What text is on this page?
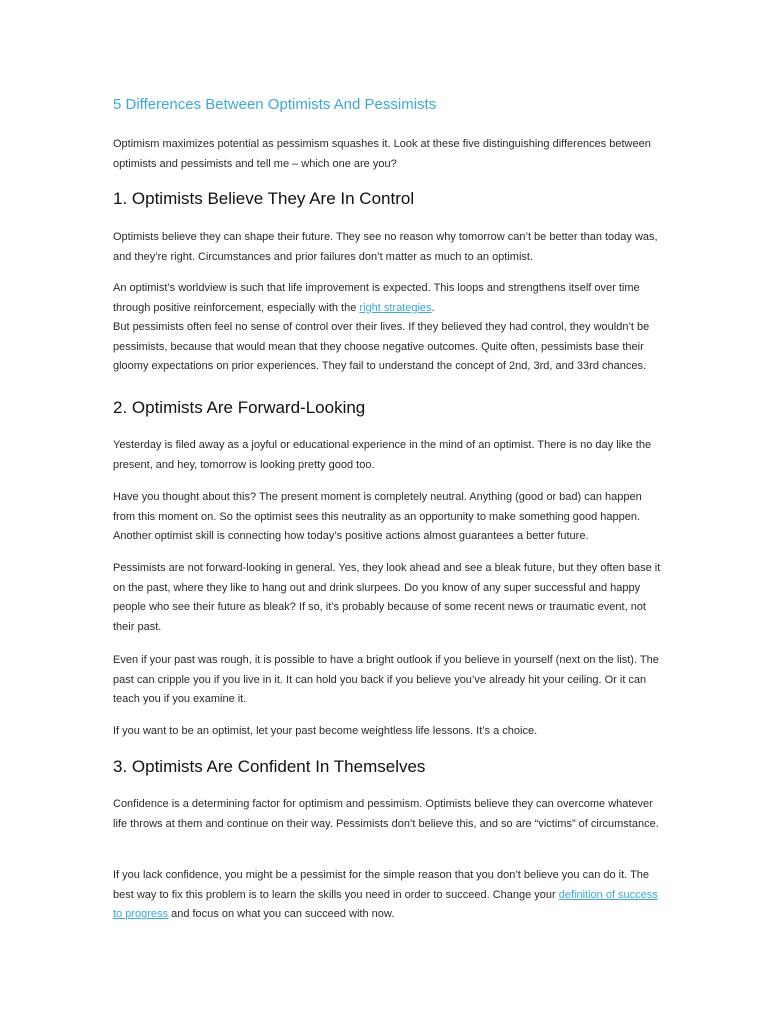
5 Differences Between Optimists And Pessimists

Optimism maximizes potential as pessimism squashes it. Look at these five distinguishing differences between optimists and pessimists and tell me – which one are you?

1. Optimists Believe They Are In Control

Optimists believe they can shape their future. They see no reason why tomorrow can’t be better than today was, and they’re right. Circumstances and prior failures don’t matter as much to an optimist.

An optimist’s worldview is such that life improvement is expected. This loops and strengthens itself over time through positive reinforcement, especially with the right strategies.

But pessimists often feel no sense of control over their lives. If they believed they had control, they wouldn’t be pessimists, because that would mean that they choose negative outcomes. Quite often, pessimists base their gloomy expectations on prior experiences. They fail to understand the concept of 2nd, 3rd, and 33rd chances.

2. Optimists Are Forward-Looking

Yesterday is filed away as a joyful or educational experience in the mind of an optimist. There is no day like the present, and hey, tomorrow is looking pretty good too.

Have you thought about this? The present moment is completely neutral. Anything (good or bad) can happen from this moment on. So the optimist sees this neutrality as an opportunity to make something good happen. Another optimist skill is connecting how today’s positive actions almost guarantees a better future.

Pessimists are not forward-looking in general. Yes, they look ahead and see a bleak future, but they often base it on the past, where they like to hang out and drink slurpees. Do you know of any super successful and happy people who see their future as bleak? If so, it’s probably because of some recent news or traumatic event, not their past.

Even if your past was rough, it is possible to have a bright outlook if you believe in yourself (next on the list). The past can cripple you if you live in it. It can hold you back if you believe you’ve already hit your ceiling. Or it can teach you if you examine it.

If you want to be an optimist, let your past become weightless life lessons. It’s a choice.

3. Optimists Are Confident In Themselves

Confidence is a determining factor for optimism and pessimism. Optimists believe they can overcome whatever life throws at them and continue on their way. Pessimists don’t believe this, and so are “victims” of circumstance.

If you lack confidence, you might be a pessimist for the simple reason that you don’t believe you can do it. The best way to fix this problem is to learn the skills you need in order to succeed. Change your definition of success to progress and focus on what you can succeed with now.
